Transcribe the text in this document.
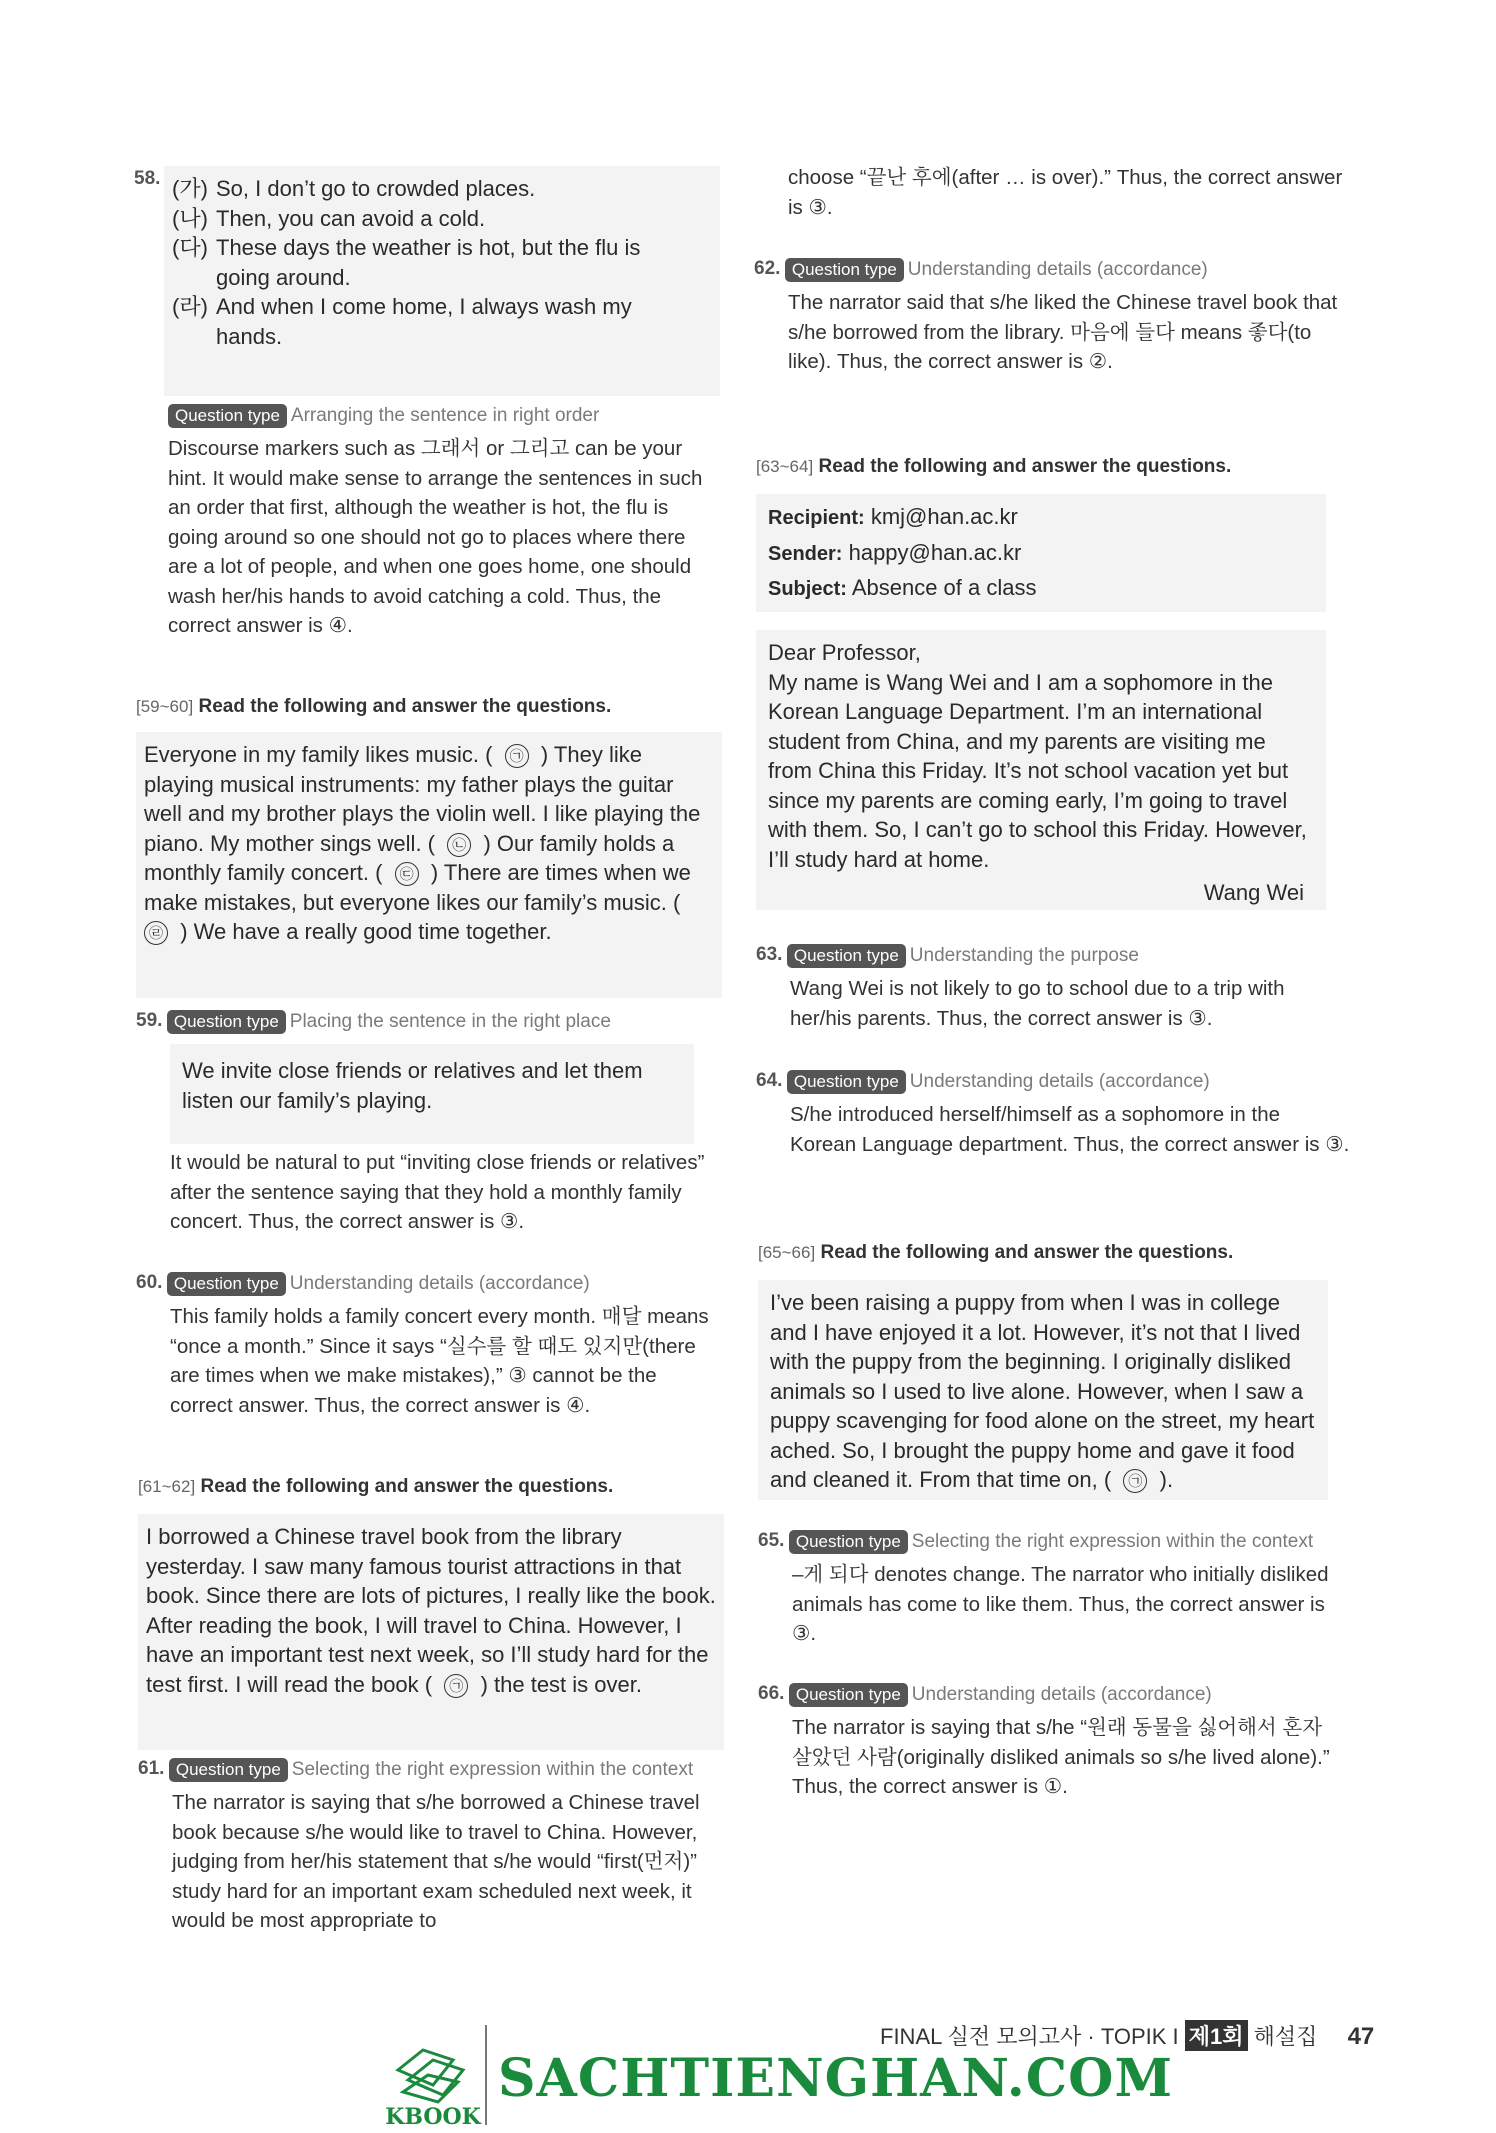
58. (가) So, I don’t go to crowded places.
(나) Then, you can avoid a cold.
(다) These days the weather is hot, but the flu is going around.
(라) And when I come home, I always wash my hands.
Question type Arranging the sentence in right order
Discourse markers such as 그래서 or 그리고 can be your hint. It would make sense to arrange the sentences in such an order that first, although the weather is hot, the flu is going around so one should not go to places where there are a lot of people, and when one goes home, one should wash her/his hands to avoid catching a cold. Thus, the correct answer is ④.
[59~60] Read the following and answer the questions.
Everyone in my family likes music. ( ㉠ ) They like playing musical instruments: my father plays the guitar well and my brother plays the violin well. I like playing the piano. My mother sings well. ( ㉡ ) Our family holds a monthly family concert. ( ㉢ ) There are times when we make mistakes, but everyone likes our family’s music. (  ㉣ ) We have a really good time together.
59. Question type Placing the sentence in the right place
We invite close friends or relatives and let them listen our family’s playing.
It would be natural to put “inviting close friends or relatives” after the sentence saying that they hold a monthly family concert. Thus, the correct answer is ③.
60. Question type Understanding details (accordance)
This family holds a family concert every month. 매달 means “once a month.” Since it says “실수를 할 때도 있지만(there are times when we make mistakes),” ③ cannot be the correct answer. Thus, the correct answer is ④.
[61~62] Read the following and answer the questions.
I borrowed a Chinese travel book from the library yesterday. I saw many famous tourist attractions in that book. Since there are lots of pictures, I really like the book. After reading the book, I will travel to China. However, I have an important test next week, so I’ll study hard for the test first. I will read the book ( ㉠ ) the test is over.
61. Question type Selecting the right expression within the context
The narrator is saying that s/he borrowed a Chinese travel book because s/he would like to travel to China. However, judging from her/his statement that s/he would “first(먼저)” study hard for an important exam scheduled next week, it would be most appropriate to
choose “끝난 후에(after … is over).” Thus, the correct answer is ③.
62. Question type Understanding details (accordance)
The narrator said that s/he liked the Chinese travel book that s/he borrowed from the library. 마음에 들다 means 좋다(to like). Thus, the correct answer is ②.
[63~64] Read the following and answer the questions.
Recipient: kmj@han.ac.kr
Sender: happy@han.ac.kr
Subject: Absence of a class
Dear Professor,
My name is Wang Wei and I am a sophomore in the Korean Language Department. I’m an international student from China, and my parents are visiting me from China this Friday. It’s not school vacation yet but since my parents are coming early, I’m going to travel with them. So, I can’t go to school this Friday. However, I’ll study hard at home.
Wang Wei
63. Question type Understanding the purpose
Wang Wei is not likely to go to school due to a trip with her/his parents. Thus, the correct answer is ③.
64. Question type Understanding details (accordance)
S/he introduced herself/himself as a sophomore in the Korean Language department. Thus, the correct answer is ③.
[65~66] Read the following and answer the questions.
I’ve been raising a puppy from when I was in college and I have enjoyed it a lot. However, it’s not that I lived with the puppy from the beginning. I originally disliked animals so I used to live alone. However, when I saw a puppy scavenging for food alone on the street, my heart ached. So, I brought the puppy home and gave it food and cleaned it. From that time on, ( ㉠ ).
65. Question type Selecting the right expression within the context
–게 되다 denotes change. The narrator who initially disliked animals has come to like them. Thus, the correct answer is ③.
66. Question type Understanding details (accordance)
The narrator is saying that s/he “원래 동물을 싫어해서 혼자 살았던 사람(originally disliked animals so s/he lived alone).” Thus, the correct answer is ①.
FINAL 실전 모의고사 · TOPIK I 제1회 해설집 47
KBOOK
SACHTIENGHAN.COM
